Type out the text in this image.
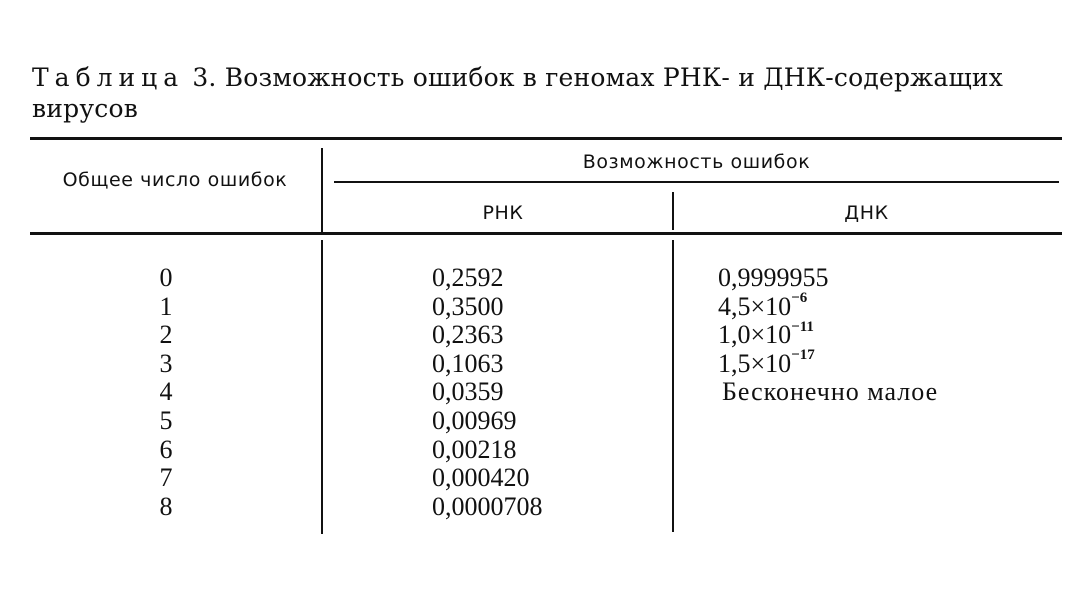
Таблица 3. Возможность ошибок в геномах РНК- и ДНК-содержащих вирусов
Общее число ошибок
Возможность ошибок
РНК	ДНК
0
1
2
3
4
5
6
7
8
0,2592
0,3500
0,2363
0,1063
0,0359
0,00969
0,00218
0,000420
0,0000708
0,9999955
$4,5\times 10^{-6}$
$1,0\times 10^{-11}$
$1,5\times 10^{-17}$
Бесконечно малое
